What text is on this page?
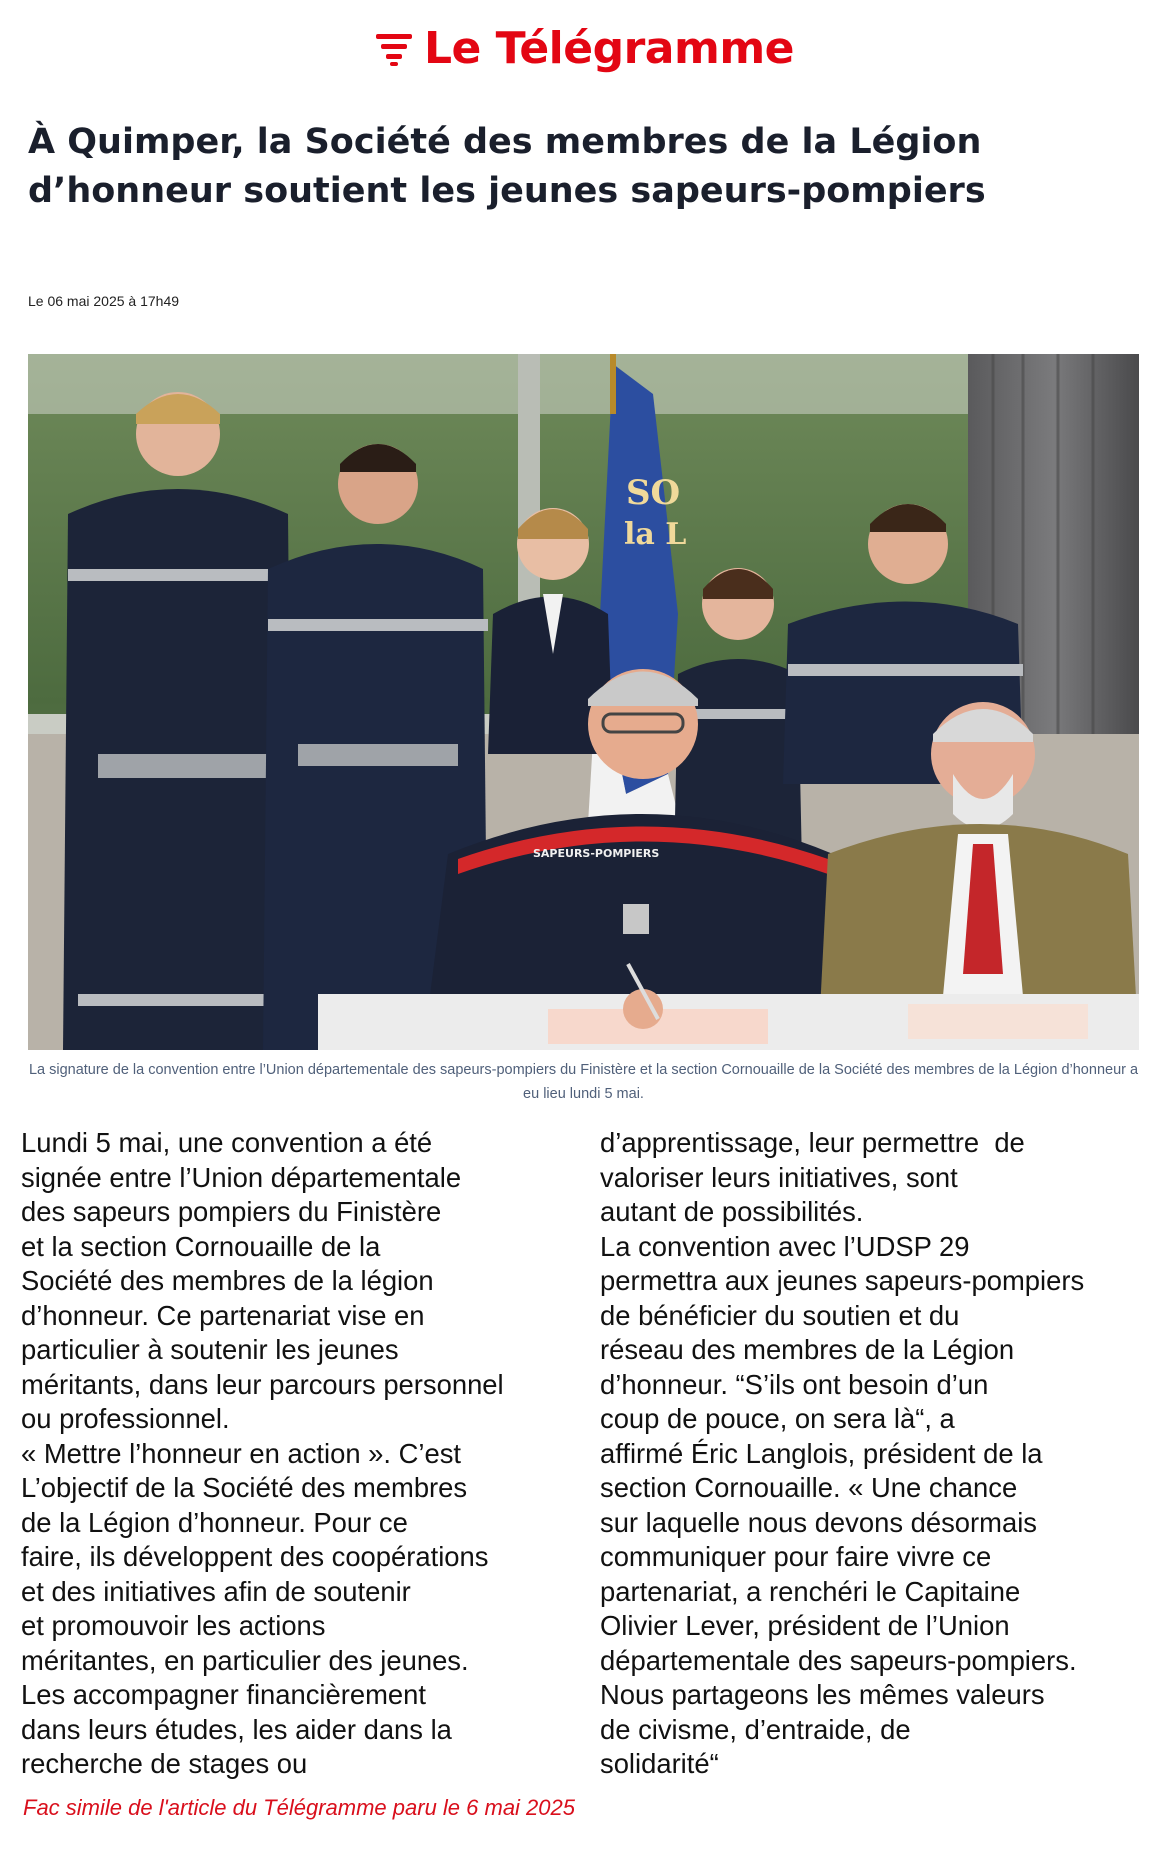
Le Télégramme
À Quimper, la Société des membres de la Légion d’honneur soutient les jeunes sapeurs-pompiers
Le 06 mai 2025 à 17h49
SO
la L
SAPEURS-POMPIERS
La signature de la convention entre l’Union départementale des sapeurs-pompiers du Finistère et la section Cornouaille de la Société des membres de la Légion d’honneur a eu lieu lundi 5 mai.
Lundi 5 mai, une convention a été
signée entre l’Union départementale
des sapeurs pompiers du Finistère
et la section Cornouaille de la
Société des membres de la légion
d’honneur. Ce partenariat vise en
particulier à soutenir les jeunes
méritants, dans leur parcours personnel
ou professionnel.
« Mettre l’honneur en action ». C’est
L’objectif de la Société des membres
de la Légion d’honneur. Pour ce
faire, ils développent des coopérations
et des initiatives afin de soutenir
et promouvoir les actions
méritantes, en particulier des jeunes.
Les accompagner financièrement
dans leurs études, les aider dans la
recherche de stages ou
d’apprentissage, leur permettre  de
valoriser leurs initiatives, sont
autant de possibilités.
La convention avec l’UDSP 29
permettra aux jeunes sapeurs-pompiers
de bénéficier du soutien et du
réseau des membres de la Légion
d’honneur. “S’ils ont besoin d’un
coup de pouce, on sera là“, a
affirmé Éric Langlois, président de la
section Cornouaille. « Une chance
sur laquelle nous devons désormais
communiquer pour faire vivre ce
partenariat, a renchéri le Capitaine
Olivier Lever, président de l’Union
départementale des sapeurs-pompiers.
Nous partageons les mêmes valeurs
de civisme, d’entraide, de
solidarité“
Fac simile de l'article du Télégramme paru le 6 mai 2025
